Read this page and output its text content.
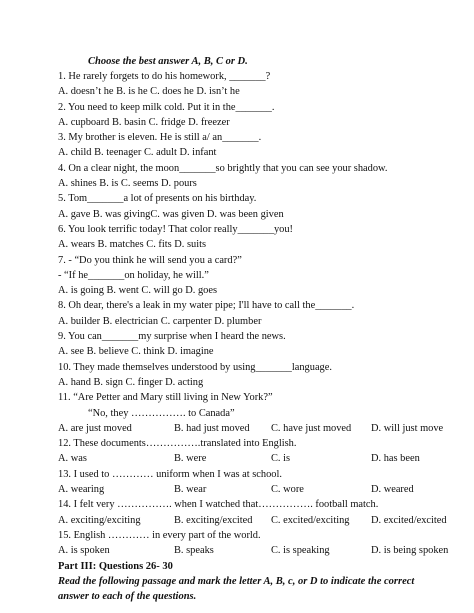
Choose the best answer A, B, C or D.
1. He rarely forgets to do his homework, _______?
A. doesn’t he B. is he C. does he D. isn’t he
2. You need to keep milk cold. Put it in the_______.
A. cupboard B. basin C. fridge D. freezer
3. My brother is eleven. He is still a/ an_______.
A. child B. teenager C. adult D. infant
4. On a clear night, the moon_______so brightly that you can see your shadow.
A. shines B. is C. seems D. pours
5. Tom_______a lot of presents on his birthday.
A. gave B. was givingC. was given D. was been given
6. You look terrific today! That color really_______you!
A. wears B. matches C. fits D. suits
7. - “Do you think he will send you a card?”
- “If he_______on holiday, he will.”
A. is going B. went C. will go D. goes
8. Oh dear, there's a leak in my water pipe; I'll have to call the_______.
A. builder B. electrician C. carpenter D. plumber
9. You can_______my surprise when I heard the news.
A. see B. believe C. think D. imagine
10. They made themselves understood by using_______language.
A. hand B. sign C. finger D. acting
11. “Are Petter and Mary still living in New York?”
“No, they ……………. to Canada”
A. are just moved	B. had just moved C. have just moved D. will just move
12. These documents…………….translated into English.
A. was	B. were	C. is	D. has been
13. I used to ………… uniform when I was at school.
A. wearing	B. wear	C. wore	D. weared
14. I felt very ……………. when I watched that……………. football match.
A. exciting/exciting	B. exciting/excited C. excited/exciting D. excited/excited
15. English ………… in every part of the world.
A. is spoken	B. speaks	C. is speaking	D. is being spoken
Part III: Questions 26- 30
Read the following passage and mark the letter A, B, c, or D to indicate the correct
answer to each of the questions.
